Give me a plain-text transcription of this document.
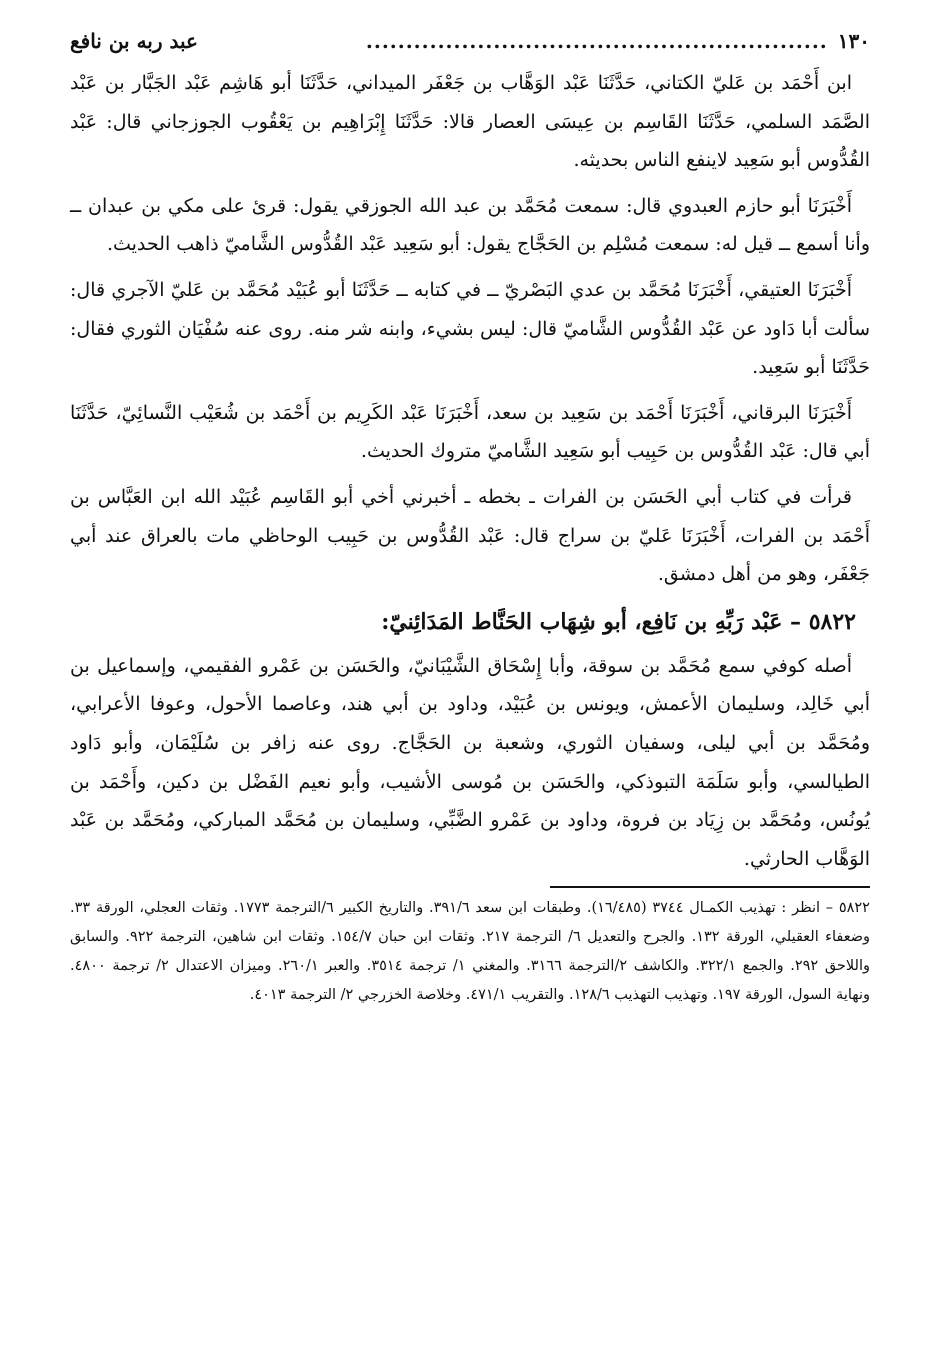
١٣٠
..........................................................
عبد ربه بن نافع

ابن أَحْمَد بن عَليّ الكتاني، حَدَّثَنَا عَبْد الوَهَّاب بن جَعْفَر الميداني، حَدَّثَنَا أبو هَاشِم عَبْد الجَبَّار بن عَبْد الصَّمَد السلمي، حَدَّثَنَا القَاسِم بن عِيسَى العصار قالا: حَدَّثَنَا إِبْرَاهِيم بن يَعْقُوب الجوزجاني قال: عَبْد القُدُّوس أبو سَعِيد لاينفع الناس بحديثه.

أَخْبَرَنَا أبو حازم العبدوي قال: سمعت مُحَمَّد بن عبد الله الجوزقي يقول: قرئ على مكي بن عبدان ــ وأنا أسمع ــ قيل له: سمعت مُسْلِم بن الحَجَّاج يقول: أبو سَعِيد عَبْد القُدُّوس الشَّاميّ ذاهب الحديث.

أَخْبَرَنَا العتيقي، أَخْبَرَنَا مُحَمَّد بن عدي البَصْريّ ــ في كتابه ــ حَدَّثَنَا أبو عُبَيْد مُحَمَّد بن عَليّ الآجري قال: سألت أبا دَاود عن عَبْد القُدُّوس الشَّاميّ قال: ليس بشيء، وابنه شر منه. روى عنه سُفْيَان الثوري فقال: حَدَّثَنَا أبو سَعِيد.

أَخْبَرَنَا البرقاني، أَخْبَرَنَا أَحْمَد بن سَعِيد بن سعد، أَخْبَرَنَا عَبْد الكَرِيم بن أَحْمَد بن شُعَيْب النَّسائِيّ، حَدَّثَنَا أبي قال: عَبْد القُدُّوس بن حَبِيب أبو سَعِيد الشَّاميّ متروك الحديث.

قرأت في كتاب أبي الحَسَن بن الفرات ـ بخطه ـ أخبرني أخي أبو القَاسِم عُبَيْد الله ابن العَبَّاس بن أَحْمَد بن الفرات، أَخْبَرَنَا عَليّ بن سراج قال: عَبْد القُدُّوس بن حَبِيب الوحاظي مات بالعراق عند أبي جَعْفَر، وهو من أهل دمشق.

٥٨٢٢ – عَبْد رَبِّهِ بن نَافِع، أبو شِهَاب الحَنَّاط المَدَائِنيّ:

أصله كوفي سمع مُحَمَّد بن سوقة، وأبا إِسْحَاق الشَّيْبَانيّ، والحَسَن بن عَمْرو الفقيمي، وإسماعيل بن أبي خَالِد، وسليمان الأعمش، ويونس بن عُبَيْد، وداود بن أبي هند، وعاصما الأحول، وعوفا الأعرابي، ومُحَمَّد بن أبي ليلى، وسفيان الثوري، وشعبة بن الحَجَّاج. روى عنه زافر بن سُلَيْمَان، وأبو دَاود الطيالسي، وأبو سَلَمَة التبوذكي، والحَسَن بن مُوسى الأشيب، وأبو نعيم الفَضْل بن دكين، وأَحْمَد بن يُونُس، ومُحَمَّد بن زِيَاد بن فروة، وداود بن عَمْرو الضَّبِّي، وسليمان بن مُحَمَّد المباركي، ومُحَمَّد بن عَبْد الوَهَّاب الحارثي.

٥٨٢٢ – انظر : تهذيب الكمـال ٣٧٤٤ (١٦/٤٨٥). وطبقات ابن سعد ٣٩١/٦. والتاريخ الكبير ٦/الترجمة ١٧٧٣. وثقات العجلي، الورقة ٣٣. وضعفاء العقيلي، الورقة ١٣٢. والجرح والتعديل ٦/ الترجمة ٢١٧. وثقات ابن حبان ١٥٤/٧. وثقات ابن شاهين، الترجمة ٩٢٢. والسابق واللاحق ٢٩٢. والجمع ٣٢٢/١. والكاشف ٢/الترجمة ٣١٦٦. والمغني ١/ ترجمة ٣٥١٤. والعبر ٢٦٠/١. وميزان الاعتدال ٢/ ترجمة ٤٨٠٠. ونهاية السول، الورقة ١٩٧. وتهذيب التهذيب ١٢٨/٦. والتقريب ٤٧١/١. وخلاصة الخزرجي ٢/ الترجمة ٤٠١٣.
